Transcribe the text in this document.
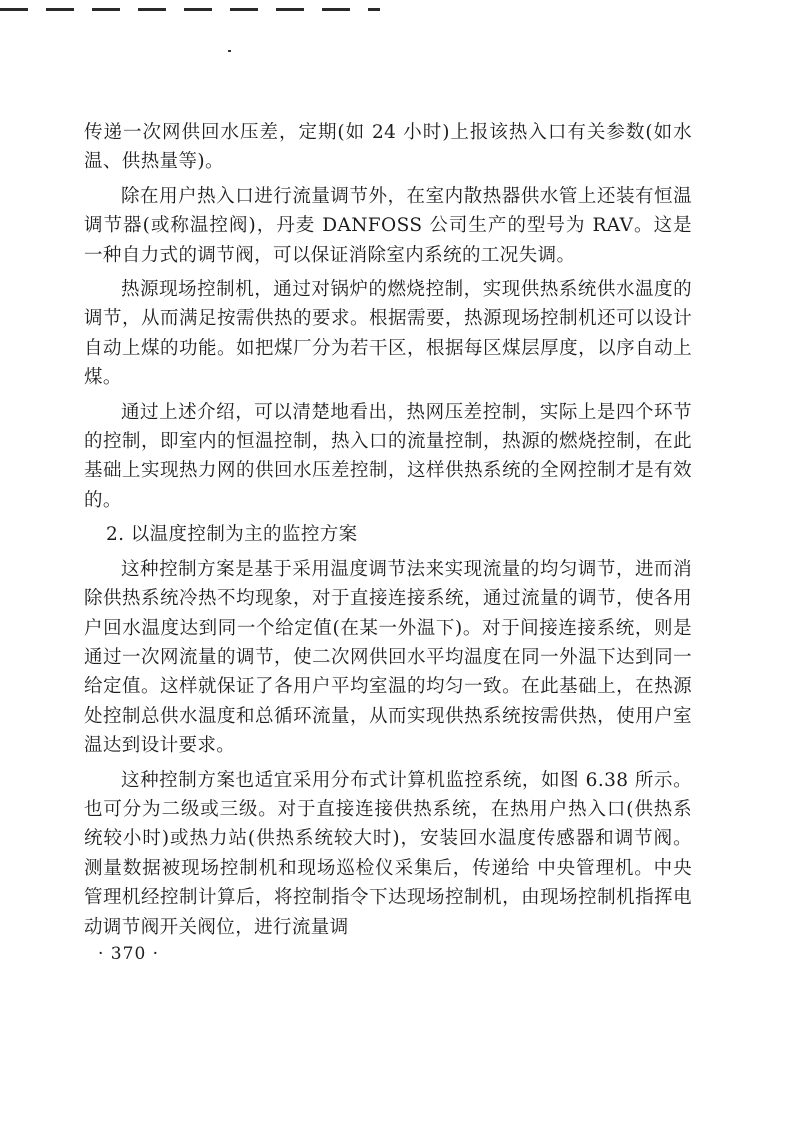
传递一次网供回水压差，定期(如 24 小时)上报该热入口有关参数(如水温、供热量等)。

除在用户热入口进行流量调节外，在室内散热器供水管上还装有恒温调节器(或称温控阀)，丹麦 DANFOSS 公司生产的型号为 RAV。这是一种自力式的调节阀，可以保证消除室内系统的工况失调。

热源现场控制机，通过对锅炉的燃烧控制，实现供热系统供水温度的调节，从而满足按需供热的要求。根据需要，热源现场控制机还可以设计自动上煤的功能。如把煤厂分为若干区，根据每区煤层厚度，以序自动上煤。

通过上述介绍，可以清楚地看出，热网压差控制，实际上是四个环节的控制，即室内的恒温控制，热入口的流量控制，热源的燃烧控制，在此基础上实现热力网的供回水压差控制，这样供热系统的全网控制才是有效的。

2. 以温度控制为主的监控方案

这种控制方案是基于采用温度调节法来实现流量的均匀调节，进而消除供热系统冷热不均现象，对于直接连接系统，通过流量的调节，使各用户回水温度达到同一个给定值(在某一外温下)。对于间接连接系统，则是通过一次网流量的调节，使二次网供回水平均温度在同一外温下达到同一给定值。这样就保证了各用户平均室温的均匀一致。在此基础上，在热源处控制总供水温度和总循环流量，从而实现供热系统按需供热，使用户室温达到设计要求。

这种控制方案也适宜采用分布式计算机监控系统，如图 6.38 所示。也可分为二级或三级。对于直接连接供热系统，在热用户热入口(供热系统较小时)或热力站(供热系统较大时)，安装回水温度传感器和调节阀。测量数据被现场控制机和现场巡检仪采集后，传递给 中央管理机。中央管理机经控制计算后，将控制指令下达现场控制机，由现场控制机指挥电动调节阀开关阀位，进行流量调

· 370 ·
